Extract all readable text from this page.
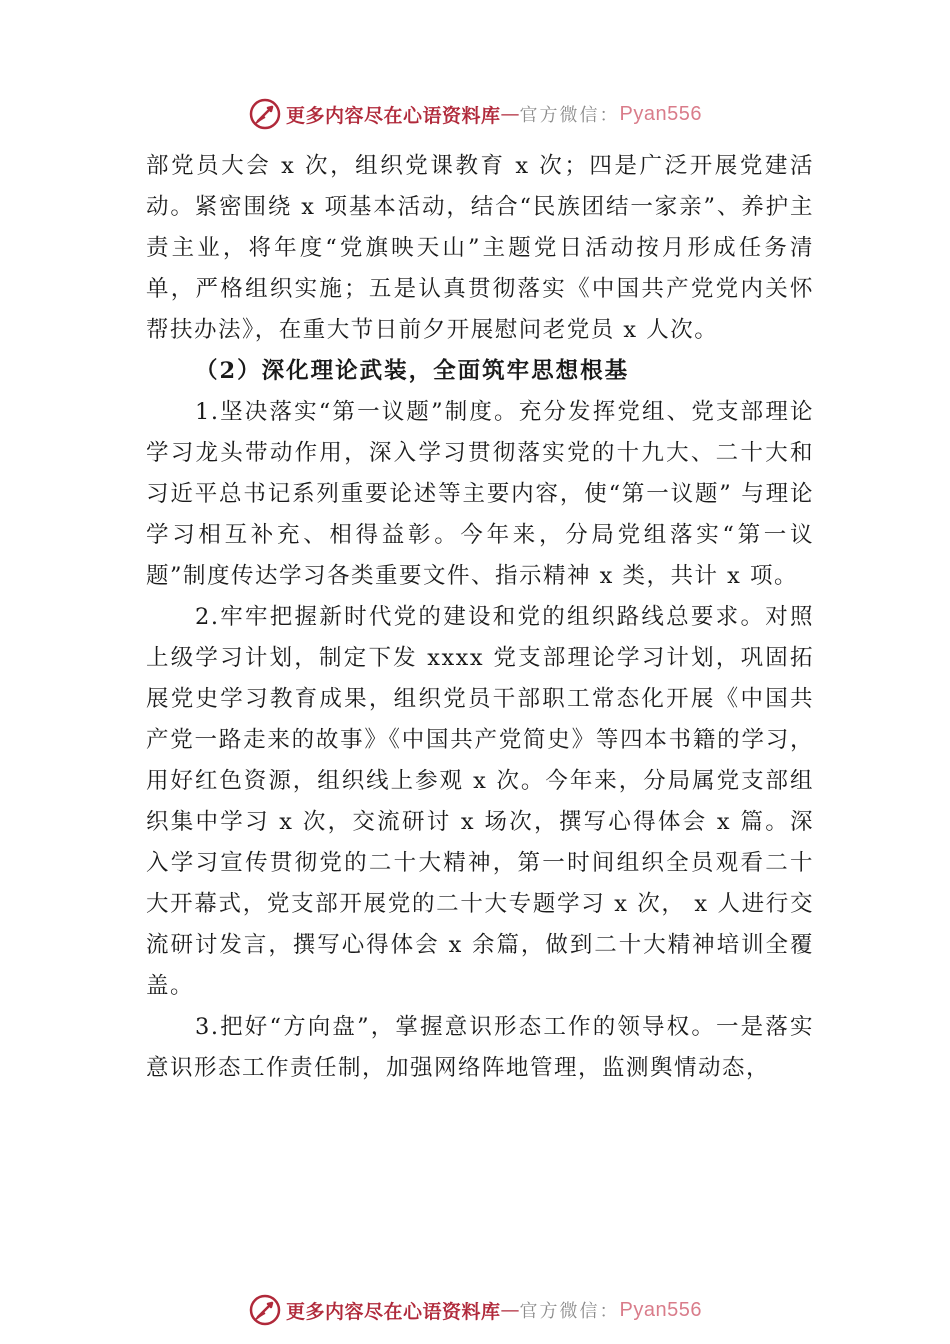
更多内容尽在心语资料库 — 官方微信： Pyan556

部党员大会 x 次，组织党课教育 x 次；四是广泛开展党建活动。紧密围绕 x 项基本活动，结合“民族团结一家亲”、养护主责主业，将年度“党旗映天山”主题党日活动按月形成任务清单，严格组织实施；五是认真贯彻落实《中国共产党党内关怀帮扶办法》，在重大节日前夕开展慰问老党员 x 人次。

（2）深化理论武装，全面筑牢思想根基

1.坚决落实“第一议题”制度。充分发挥党组、党支部理论学习龙头带动作用，深入学习贯彻落实党的十九大、二十大和习近平总书记系列重要论述等主要内容，使“第一议题” 与理论学习相互补充、相得益彰。今年来，分局党组落实“第一议题”制度传达学习各类重要文件、指示精神 x 类，共计 x 项。

2.牢牢把握新时代党的建设和党的组织路线总要求。对照上级学习计划，制定下发 xxxx 党支部理论学习计划，巩固拓展党史学习教育成果，组织党员干部职工常态化开展《中国共产党一路走来的故事》《中国共产党简史》等四本书籍的学习，用好红色资源，组织线上参观 x 次。今年来，分局属党支部组织集中学习 x 次，交流研讨 x 场次，撰写心得体会 x 篇。深入学习宣传贯彻党的二十大精神，第一时间组织全员观看二十大开幕式，党支部开展党的二十大专题学习 x 次， x 人进行交流研讨发言，撰写心得体会 x 余篇，做到二十大精神培训全覆盖。

3.把好“方向盘”，掌握意识形态工作的领导权。一是落实意识形态工作责任制，加强网络阵地管理，监测舆情动态，

更多内容尽在心语资料库 — 官方微信： Pyan556
